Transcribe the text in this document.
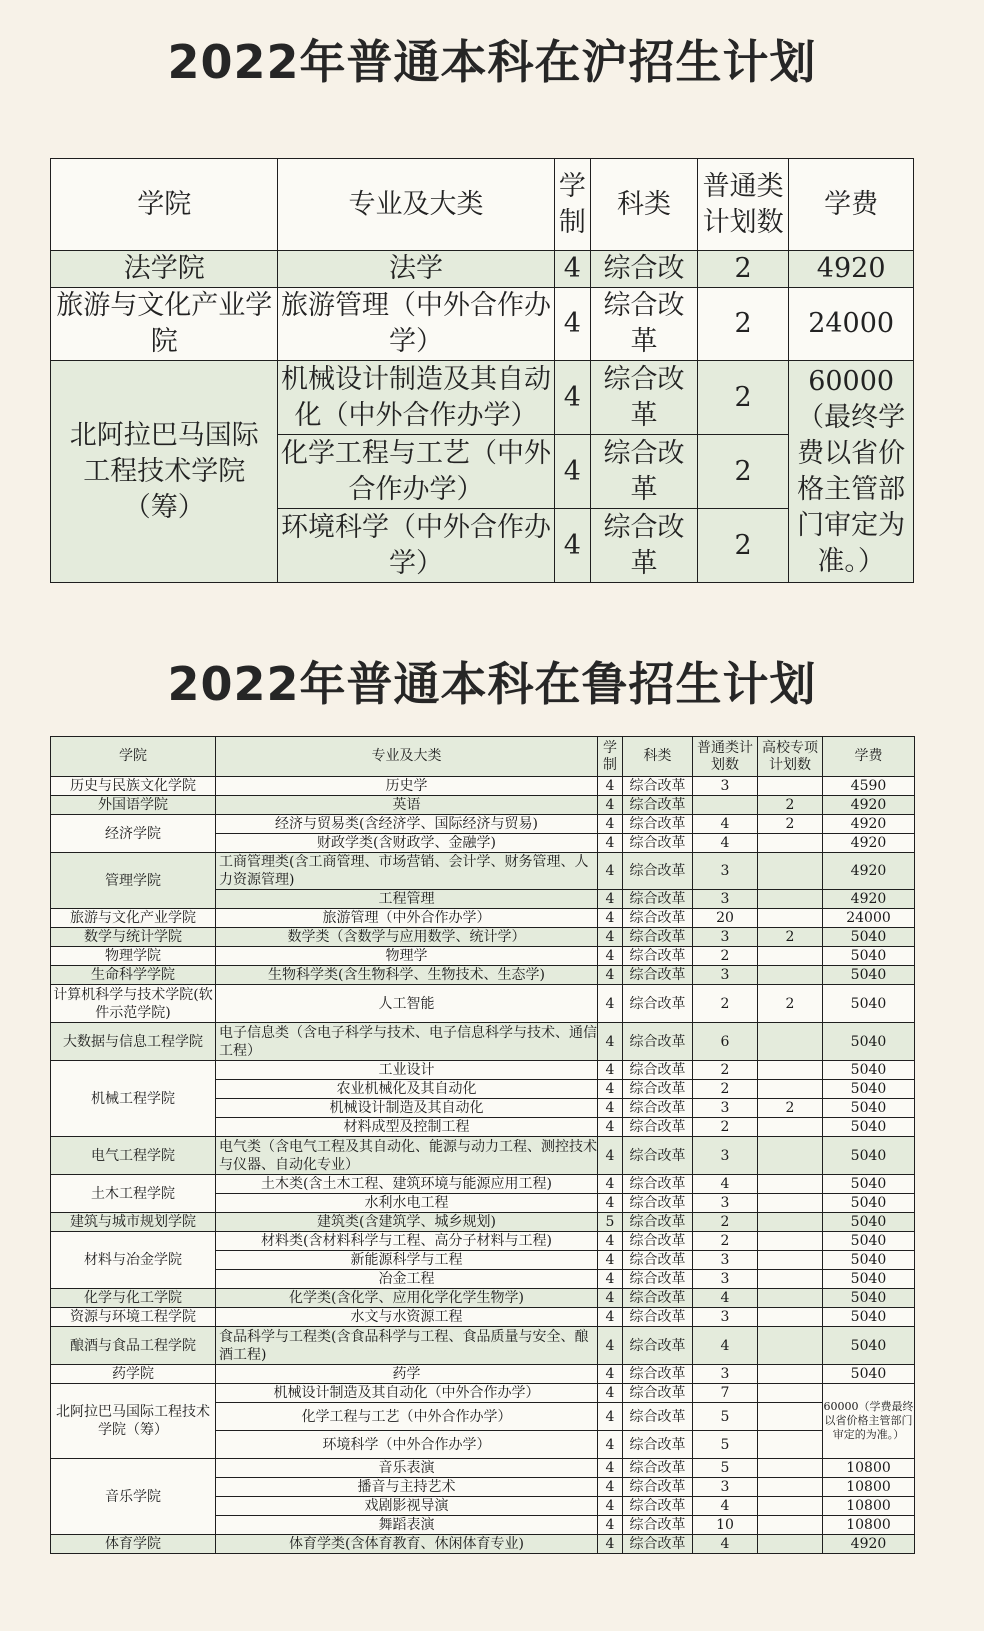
2022年普通本科在沪招生计划
学院	专业及大类	学制	科类	普通类计划数	学费
法学院	法学	4	综合改	2	4920
旅游与文化产业学院	旅游管理（中外合作办学）	4	综合改革	2	24000
北阿拉巴马国际工程技术学院（筹）	机械设计制造及其自动化（中外合作办学）	4	综合改革	2	60000（最终学费以省价格主管部门审定为准。）
	化学工程与工艺（中外合作办学）	4	综合改革	2	
	环境科学（中外合作办学）	4	综合改革	2	
2022年普通本科在鲁招生计划
学院	专业及大类	学制	科类	普通类计划数	高校专项计划数	学费
历史与民族文化学院	历史学	4	综合改革	3		4590
外国语学院	英语	4	综合改革		2	4920
经济学院	经济与贸易类(含经济学、国际经济与贸易)	4	综合改革	4	2	4920
	财政学类(含财政学、金融学)	4	综合改革	4		4920
管理学院	工商管理类(含工商管理、市场营销、会计学、财务管理、人力资源管理)	4	综合改革	3		4920
	工程管理	4	综合改革	3		4920
旅游与文化产业学院	旅游管理（中外合作办学）	4	综合改革	20		24000
数学与统计学院	数学类（含数学与应用数学、统计学）	4	综合改革	3	2	5040
物理学院	物理学	4	综合改革	2		5040
生命科学学院	生物科学类(含生物科学、生物技术、生态学)	4	综合改革	3		5040
计算机科学与技术学院(软件示范学院)	人工智能	4	综合改革	2	2	5040
大数据与信息工程学院	电子信息类（含电子科学与技术、电子信息科学与技术、通信工程）	4	综合改革	6		5040
机械工程学院	工业设计	4	综合改革	2		5040
	农业机械化及其自动化	4	综合改革	2		5040
	机械设计制造及其自动化	4	综合改革	3	2	5040
	材料成型及控制工程	4	综合改革	2		5040
电气工程学院	电气类（含电气工程及其自动化、能源与动力工程、测控技术与仪器、自动化专业）	4	综合改革	3		5040
土木工程学院	土木类(含土木工程、建筑环境与能源应用工程)	4	综合改革	4		5040
	水利水电工程	4	综合改革	3		5040
建筑与城市规划学院	建筑类(含建筑学、城乡规划)	5	综合改革	2		5040
材料与冶金学院	材料类(含材料科学与工程、高分子材料与工程)	4	综合改革	2		5040
	新能源科学与工程	4	综合改革	3		5040
	冶金工程	4	综合改革	3		5040
化学与化工学院	化学类(含化学、应用化学化学生物学)	4	综合改革	4		5040
资源与环境工程学院	水文与水资源工程	4	综合改革	3		5040
酿酒与食品工程学院	食品科学与工程类(含食品科学与工程、食品质量与安全、酿酒工程)	4	综合改革	4		5040
药学院	药学	4	综合改革	3		5040
北阿拉巴马国际工程技术学院（筹）	机械设计制造及其自动化（中外合作办学）	4	综合改革	7		60000（学费最终以省价格主管部门审定的为准。）
	化学工程与工艺（中外合作办学）	4	综合改革	5		
	环境科学（中外合作办学）	4	综合改革	5		
音乐学院	音乐表演	4	综合改革	5		10800
	播音与主持艺术	4	综合改革	3		10800
	戏剧影视导演	4	综合改革	4		10800
	舞蹈表演	4	综合改革	10		10800
体育学院	体育学类(含体育教育、休闲体育专业)	4	综合改革	4		4920
